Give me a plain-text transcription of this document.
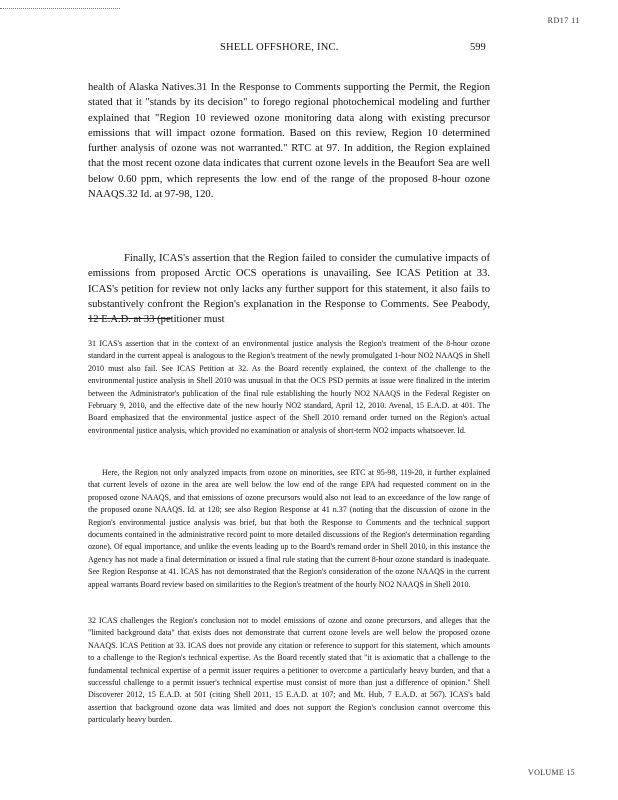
RD17 11
SHELL OFFSHORE, INC.	599

health of Alaska Natives.31 In the Response to Comments supporting the Permit, the Region stated that it "stands by its decision" to forego regional photochemical modeling and further explained that "Region 10 reviewed ozone monitoring data along with existing precursor emissions that will impact ozone formation. Based on this review, Region 10 determined further analysis of ozone was not warranted." RTC at 97. In addition, the Region explained that the most recent ozone data indicates that current ozone levels in the Beaufort Sea are well below 0.60 ppm, which represents the low end of the range of the proposed 8-hour ozone NAAQS.32 Id. at 97-98, 120.

Finally, ICAS's assertion that the Region failed to consider the cumulative impacts of emissions from proposed Arctic OCS operations is unavailing. See ICAS Petition at 33. ICAS's petition for review not only lacks any further support for this statement, it also fails to substantively confront the Region's explanation in the Response to Comments. See Peabody, 12 E.A.D. at 33 (petitioner must

31 ICAS's assertion that in the context of an environmental justice analysis the Region's treatment of the 8-hour ozone standard in the current appeal is analogous to the Region's treatment of the newly promulgated 1-hour NO2 NAAQS in Shell 2010 must also fail. See ICAS Petition at 32. As the Board recently explained, the context of the challenge to the environmental justice analysis in Shell 2010 was unusual in that the OCS PSD permits at issue were finalized in the interim between the Administrator's publication of the final rule establishing the hourly NO2 NAAQS in the Federal Register on February 9, 2010, and the effective date of the new hourly NO2 standard, April 12, 2010. Avenal, 15 E.A.D. at 401. The Board emphasized that the environmental justice aspect of the Shell 2010 remand order turned on the Region's actual environmental justice analysis, which provided no examination or analysis of short-term NO2 impacts whatsoever. Id.

Here, the Region not only analyzed impacts from ozone on minorities, see RTC at 95-98, 119-20, it further explained that current levels of ozone in the area are well below the low end of the range EPA had requested comment on in the proposed ozone NAAQS, and that emissions of ozone precursors would also not lead to an exceedance of the low range of the proposed ozone NAAQS. Id. at 120; see also Region Response at 41 n.37 (noting that the discussion of ozone in the Region's environmental justice analysis was brief, but that both the Response to Comments and the technical support documents contained in the administrative record point to more detailed discussions of the Region's determination regarding ozone). Of equal importance, and unlike the events leading up to the Board's remand order in Shell 2010, in this instance the Agency has not made a final determination or issued a final rule stating that the current 8-hour ozone standard is inadequate. See Region Response at 41. ICAS has not demonstrated that the Region's consideration of the ozone NAAQS in the current appeal warrants Board review based on similarities to the Region's treatment of the hourly NO2 NAAQS in Shell 2010.

32 ICAS challenges the Region's conclusion not to model emissions of ozone and ozone precursors, and alleges that the "limited background data" that exists does not demonstrate that current ozone levels are well below the proposed ozone NAAQS. ICAS Petition at 33. ICAS does not provide any citation or reference to support for this statement, which amounts to a challenge to the Region's technical expertise. As the Board recently stated that "it is axiomatic that a challenge to the fundamental technical expertise of a permit issuer requires a petitioner to overcome a particularly heavy burden, and that a successful challenge to a permit issuer's technical expertise must consist of more than just a difference of opinion." Shell Discoverer 2012, 15 E.A.D. at 501 (citing Shell 2011, 15 E.A.D. at 107; and Mt. Hub, 7 E.A.D. at 567). ICAS's bald assertion that background ozone data was limited and does not support the Region's conclusion cannot overcome this particularly heavy burden.

VOLUME 15
